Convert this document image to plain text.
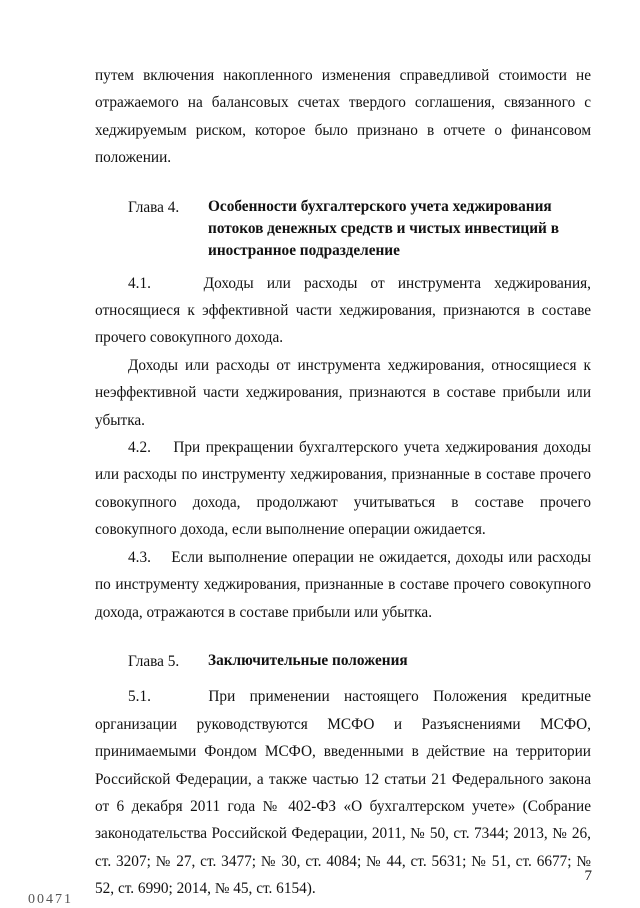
путем включения накопленного изменения справедливой стоимости не отражаемого на балансовых счетах твердого соглашения, связанного с хеджируемым риском, которое было признано в отчете о финансовом положении.

Глава 4.	Особенности бухгалтерского учета хеджирования потоков денежных средств и чистых инвестиций в иностранное подразделение

4.1.    Доходы или расходы от инструмента хеджирования, относящиеся к эффективной части хеджирования, признаются в составе прочего совокупного дохода.

Доходы или расходы от инструмента хеджирования, относящиеся к неэффективной части хеджирования, признаются в составе прибыли или убытка.

4.2.    При прекращении бухгалтерского учета хеджирования доходы или расходы по инструменту хеджирования, признанные в составе прочего совокупного дохода, продолжают учитываться в составе прочего совокупного дохода, если выполнение операции ожидается.

4.3.    Если выполнение операции не ожидается, доходы или расходы по инструменту хеджирования, признанные в составе прочего совокупного дохода, отражаются в составе прибыли или убытка.

Глава 5.	Заключительные положения

5.1.    При применении настоящего Положения кредитные организации руководствуются МСФО и Разъяснениями МСФО, принимаемыми Фондом МСФО, введенными в действие на территории Российской Федерации, а также частью 12 статьи 21 Федерального закона от 6 декабря 2011 года № 402-ФЗ «О бухгалтерском учете» (Собрание законодательства Российской Федерации, 2011, № 50, ст. 7344; 2013, № 26, ст. 3207; № 27, ст. 3477; № 30, ст. 4084; № 44, ст. 5631; № 51, ст. 6677; № 52, ст. 6990; 2014, № 45, ст. 6154).

7
00471
